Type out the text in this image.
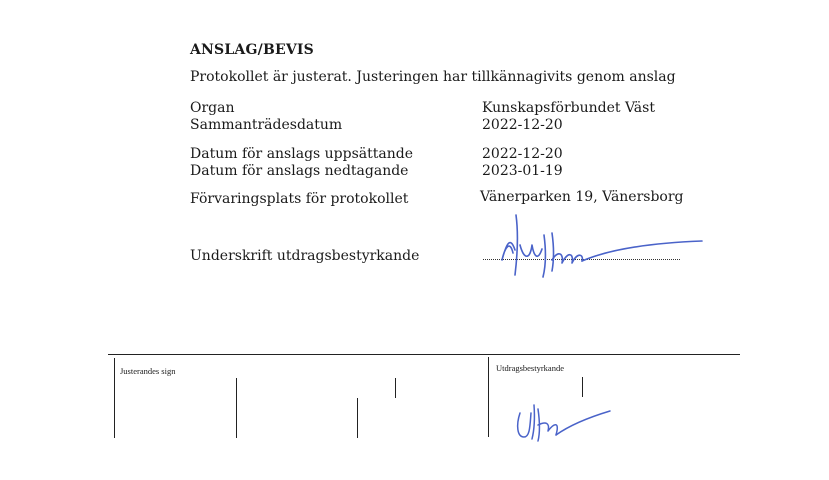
ANSLAG/BEVIS
Protokollet är justerat. Justeringen har tillkännagivits genom anslag
Organ	Kunskapsförbundet Väst
Sammanträdesdatum	2022-12-20
Datum för anslags uppsättande	2022-12-20
Datum för anslags nedtagande	2023-01-19
Förvaringsplats för protokollet	Vänerparken 19, Vänersborg
Underskrift utdragsbestyrkande
Justerandes sign	Utdragsbestyrkande
